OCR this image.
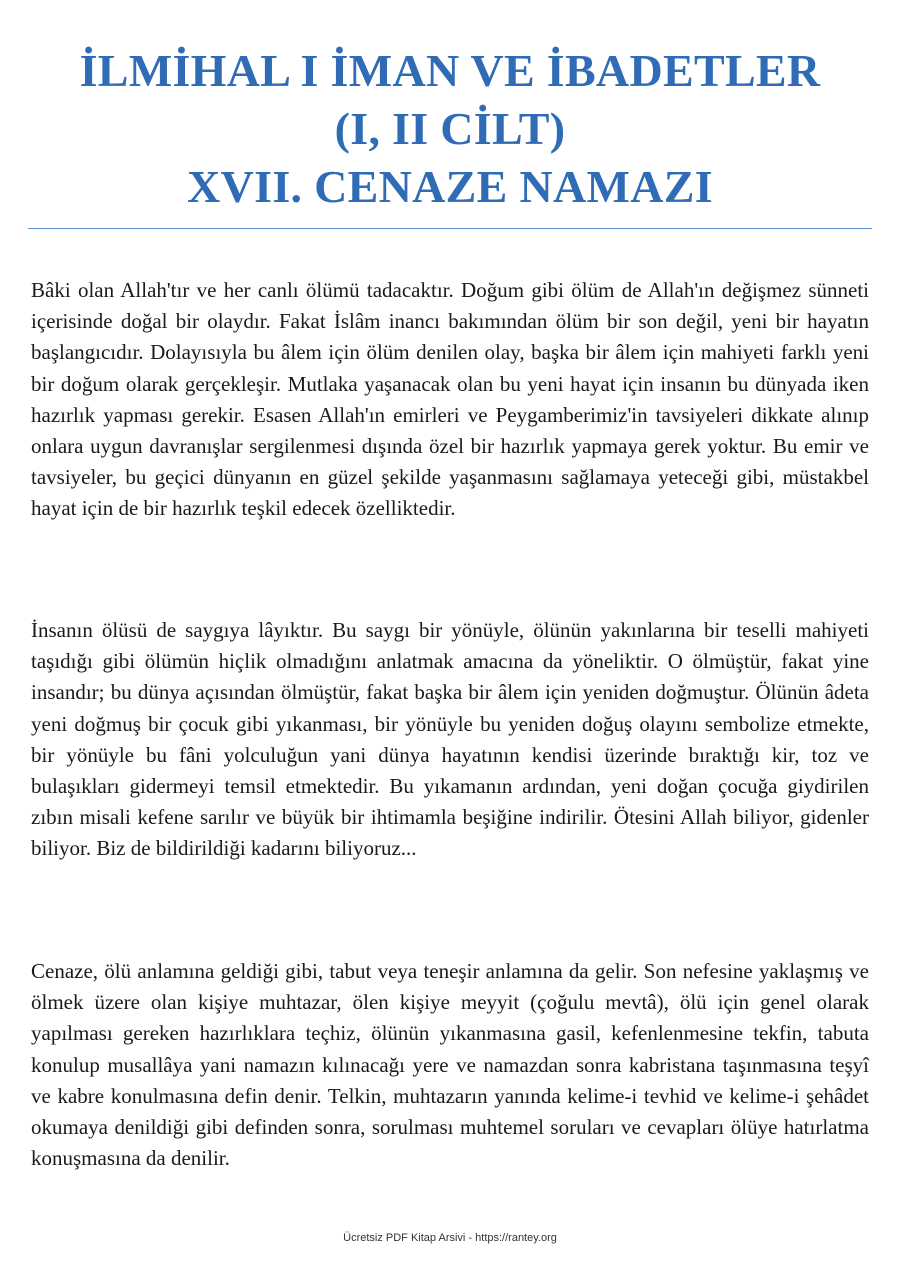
İLMİHAL I İMAN VE İBADETLER
(I, II CİLT)
XVII. CENAZE NAMAZI

Bâki olan Allah'tır ve her canlı ölümü tadacaktır. Doğum gibi ölüm de Allah'ın değişmez sünneti içerisinde doğal bir olaydır. Fakat İslâm inancı bakımından ölüm bir son değil, yeni bir hayatın başlangıcıdır. Dolayısıyla bu âlem için ölüm denilen olay, başka bir âlem için mahiyeti farklı yeni bir doğum olarak gerçekleşir. Mutlaka yaşanacak olan bu yeni hayat için insanın bu dünyada iken hazırlık yapması gerekir. Esasen Allah'ın emirleri ve Peygamberimiz'in tavsiyeleri dikkate alınıp onlara uygun davranışlar sergilenmesi dışında özel bir hazırlık yapmaya gerek yoktur. Bu emir ve tavsiyeler, bu geçici dünyanın en güzel şekilde yaşanmasını sağlamaya yeteceği gibi, müstakbel hayat için de bir hazırlık teşkil edecek özelliktedir.

İnsanın ölüsü de saygıya lâyıktır. Bu saygı bir yönüyle, ölünün yakınlarına bir teselli mahiyeti taşıdığı gibi ölümün hiçlik olmadığını anlatmak amacına da yöneliktir. O ölmüştür, fakat yine insandır; bu dünya açısından ölmüştür, fakat başka bir âlem için yeniden doğmuştur. Ölünün âdeta yeni doğmuş bir çocuk gibi yıkanması, bir yönüyle bu yeniden doğuş olayını sembolize etmekte, bir yönüyle bu fâni yolculuğun yani dünya hayatının kendisi üzerinde bıraktığı kir, toz ve bulaşıkları gidermeyi temsil etmektedir. Bu yıkamanın ardından, yeni doğan çocuğa giydirilen zıbın misali kefene sarılır ve büyük bir ihtimamla beşiğine indirilir. Ötesini Allah biliyor, gidenler biliyor. Biz de bildirildiği kadarını biliyoruz...

Cenaze, ölü anlamına geldiği gibi, tabut veya teneşir anlamına da gelir. Son nefesine yaklaşmış ve ölmek üzere olan kişiye muhtazar, ölen kişiye meyyit (çoğulu mevtâ), ölü için genel olarak yapılması gereken hazırlıklara teçhiz, ölünün yıkanmasına gasil, kefenlenmesine tekfin, tabuta konulup musallâya yani namazın kılınacağı yere ve namazdan sonra kabristana taşınmasına teşyî ve kabre konulmasına defin denir. Telkin, muhtazarın yanında kelime-i tevhid ve kelime-i şehâdet okumaya denildiği gibi definden sonra, sorulması muhtemel soruları ve cevapları ölüye hatırlatma konuşmasına da denilir.

Ücretsiz PDF Kitap Arsivi - https://rantey.org
